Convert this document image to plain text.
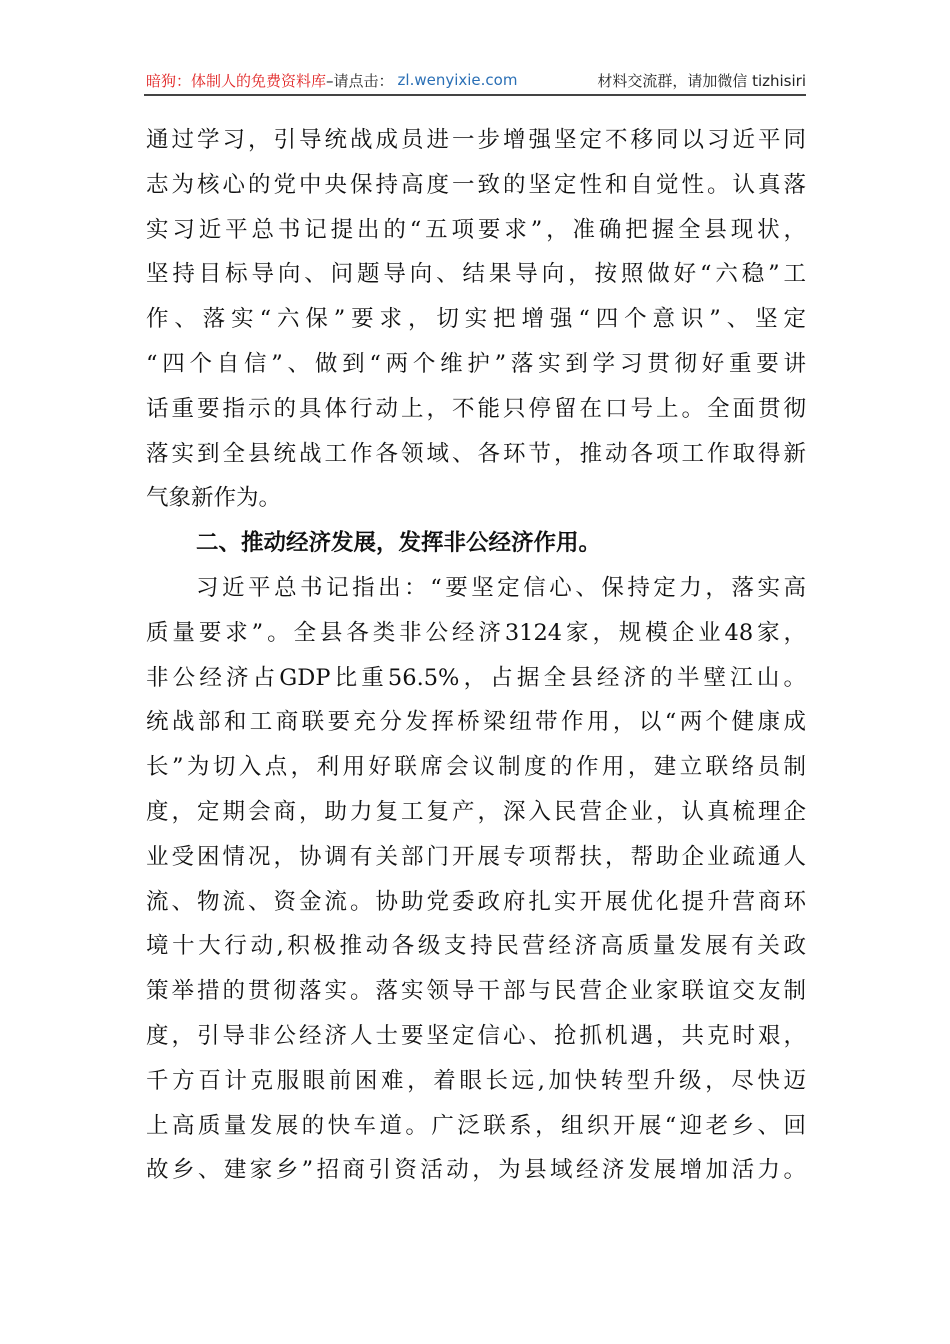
暗狗：体制人的免费资料库 –请点击： zl.wenyixie.com	材料交流群，请加微信 tizhisiri
通过学习，引导统战成员进一步增强坚定不移同以习近平同
志为核心的党中央保持高度一致的坚定性和自觉性。认真落
实习近平总书记提出的“五项要求”，准确把握全县现状，
坚持目标导向、问题导向、结果导向，按照做好“六稳”工
作、落实“六保”要求，切实把增强“四个意识”、坚定
“四个自信”、做到“两个维护”落实到学习贯彻好重要讲
话重要指示的具体行动上，不能只停留在口号上。全面贯彻
落实到全县统战工作各领域、各环节，推动各项工作取得新
气象新作为。
二、推动经济发展，发挥非公经济作用。
习近平总书记指出：“要坚定信心、保持定力，落实高
质量要求”。全县各类非公经济3124家，规模企业48家，
非公经济占GDP比重56.5%，占据全县经济的半壁江山。
统战部和工商联要充分发挥桥梁纽带作用，以“两个健康成
长”为切入点，利用好联席会议制度的作用，建立联络员制
度，定期会商，助力复工复产，深入民营企业，认真梳理企
业受困情况，协调有关部门开展专项帮扶，帮助企业疏通人
流、物流、资金流。协助党委政府扎实开展优化提升营商环
境十大行动,积极推动各级支持民营经济高质量发展有关政
策举措的贯彻落实。落实领导干部与民营企业家联谊交友制
度，引导非公经济人士要坚定信心、抢抓机遇，共克时艰，
千方百计克服眼前困难，着眼长远,加快转型升级，尽快迈
上高质量发展的快车道。广泛联系，组织开展“迎老乡、回
故乡、建家乡”招商引资活动，为县域经济发展增加活力。
